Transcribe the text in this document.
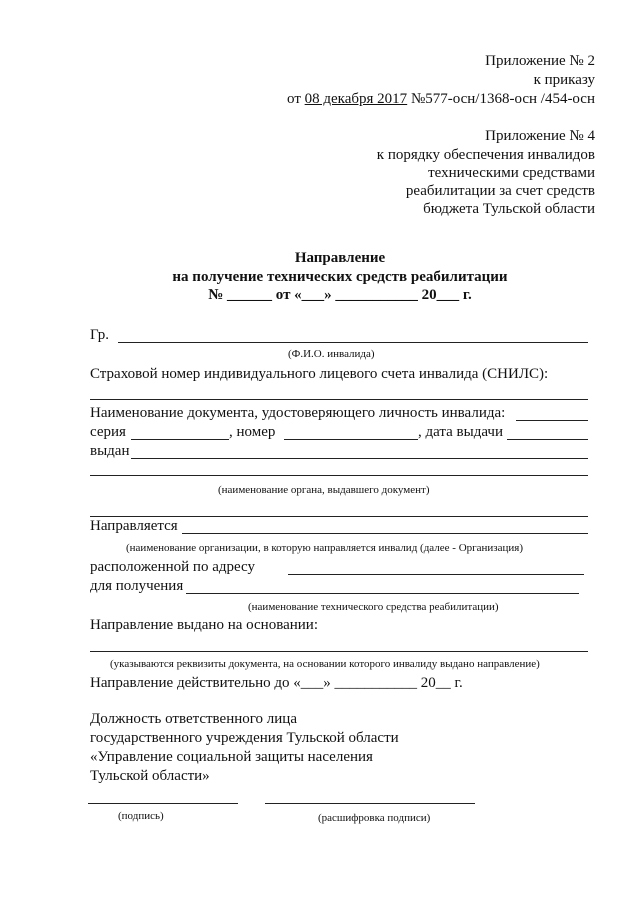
Приложение № 2
к приказу
от 08 декабря 2017 №577-осн/1368-осн /454-осн
Приложение № 4
к порядку обеспечения инвалидов
техническими средствами
реабилитации за счет средств
бюджета Тульской области
Направление
на получение технических средств реабилитации
№ ______ от «___» ___________ 20___ г.
Гр.
(Ф.И.О. инвалида)
Страховой номер индивидуального лицевого счета инвалида (СНИЛС):
Наименование документа, удостоверяющего личность инвалида:
серия	, номер	, дата выдачи
выдан
(наименование органа, выдавшего документ)
Направляется
(наименование организации, в которую направляется инвалид (далее - Организация)
расположенной по адресу
для получения
(наименование технического средства реабилитации)
Направление выдано на основании:
(указываются реквизиты документа, на основании которого инвалиду выдано направление)
Направление действительно до «___» ___________ 20__ г.
Должность ответственного лица
государственного учреждения Тульской области
«Управление социальной защиты населения
Тульской области»
(подпись)	(расшифровка подписи)
